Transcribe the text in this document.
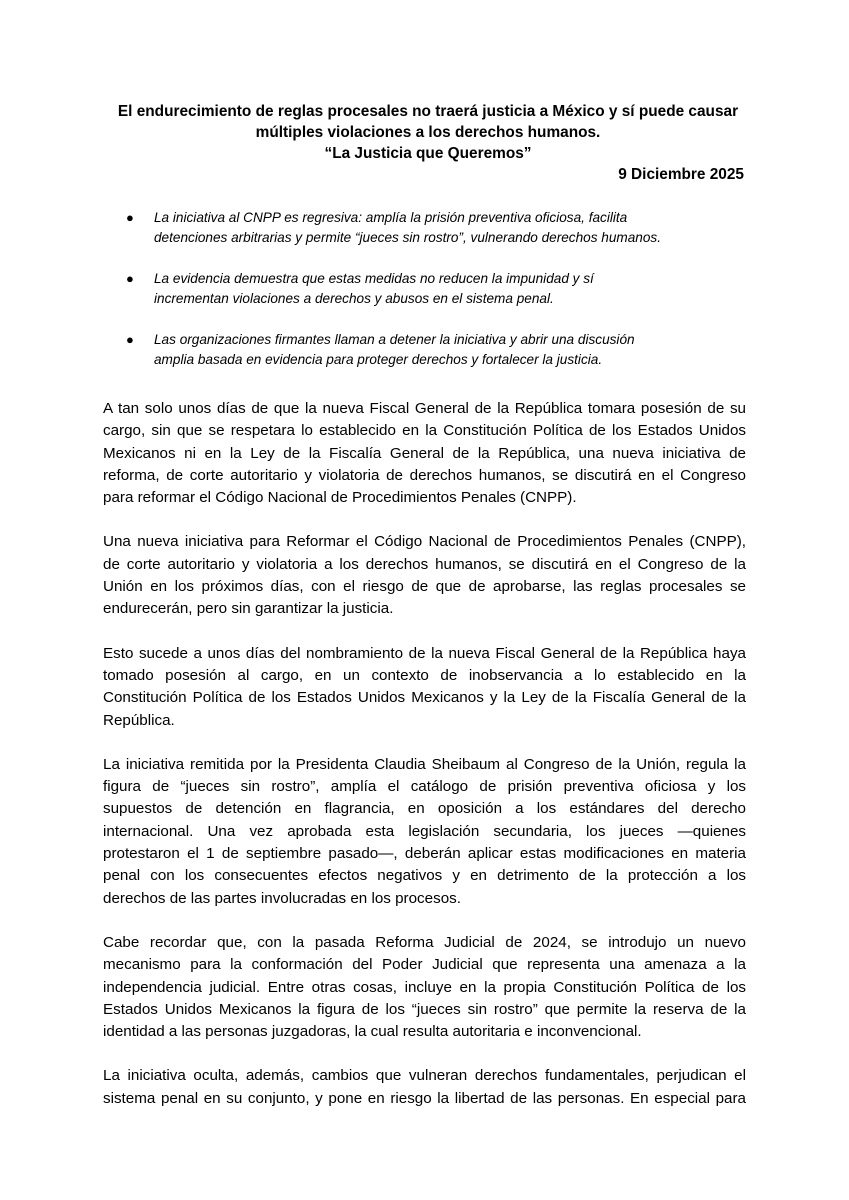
El endurecimiento de reglas procesales no traerá justicia a México y sí puede causar
múltiples violaciones a los derechos humanos.
“La Justicia que Queremos”
9 Diciembre 2025
● La iniciativa al CNPP es regresiva: amplía la prisión preventiva oficiosa, facilita
detenciones arbitrarias y permite “jueces sin rostro”, vulnerando derechos humanos.
● La evidencia demuestra que estas medidas no reducen la impunidad y sí
incrementan violaciones a derechos y abusos en el sistema penal.
● Las organizaciones firmantes llaman a detener la iniciativa y abrir una discusión
amplia basada en evidencia para proteger derechos y fortalecer la justicia.
A tan solo unos días de que la nueva Fiscal General de la República tomara posesión de su
cargo, sin que se respetara lo establecido en la Constitución Política de los Estados Unidos
Mexicanos ni en la Ley de la Fiscalía General de la República, una nueva iniciativa de
reforma, de corte autoritario y violatoria de derechos humanos, se discutirá en el Congreso
para reformar el Código Nacional de Procedimientos Penales (CNPP).
Una nueva iniciativa para Reformar el Código Nacional de Procedimientos Penales (CNPP),
de corte autoritario y violatoria a los derechos humanos, se discutirá en el Congreso de la
Unión en los próximos días, con el riesgo de que de aprobarse, las reglas procesales se
endurecerán, pero sin garantizar la justicia.
Esto sucede a unos días del nombramiento de la nueva Fiscal General de la República haya
tomado posesión al cargo, en un contexto de inobservancia a lo establecido en la
Constitución Política de los Estados Unidos Mexicanos y la Ley de la Fiscalía General de la
República.
La iniciativa remitida por la Presidenta Claudia Sheibaum al Congreso de la Unión, regula la
figura de “jueces sin rostro”, amplía el catálogo de prisión preventiva oficiosa y los
supuestos de detención en flagrancia, en oposición a los estándares del derecho
internacional. Una vez aprobada esta legislación secundaria, los jueces —quienes
protestaron el 1 de septiembre pasado—, deberán aplicar estas modificaciones en materia
penal con los consecuentes efectos negativos y en detrimento de la protección a los
derechos de las partes involucradas en los procesos.
Cabe recordar que, con la pasada Reforma Judicial de 2024, se introdujo un nuevo
mecanismo para la conformación del Poder Judicial que representa una amenaza a la
independencia judicial. Entre otras cosas, incluye en la propia Constitución Política de los
Estados Unidos Mexicanos la figura de los “jueces sin rostro” que permite la reserva de la
identidad a las personas juzgadoras, la cual resulta autoritaria e inconvencional.
La iniciativa oculta, además, cambios que vulneran derechos fundamentales, perjudican el
sistema penal en su conjunto, y pone en riesgo la libertad de las personas. En especial para
